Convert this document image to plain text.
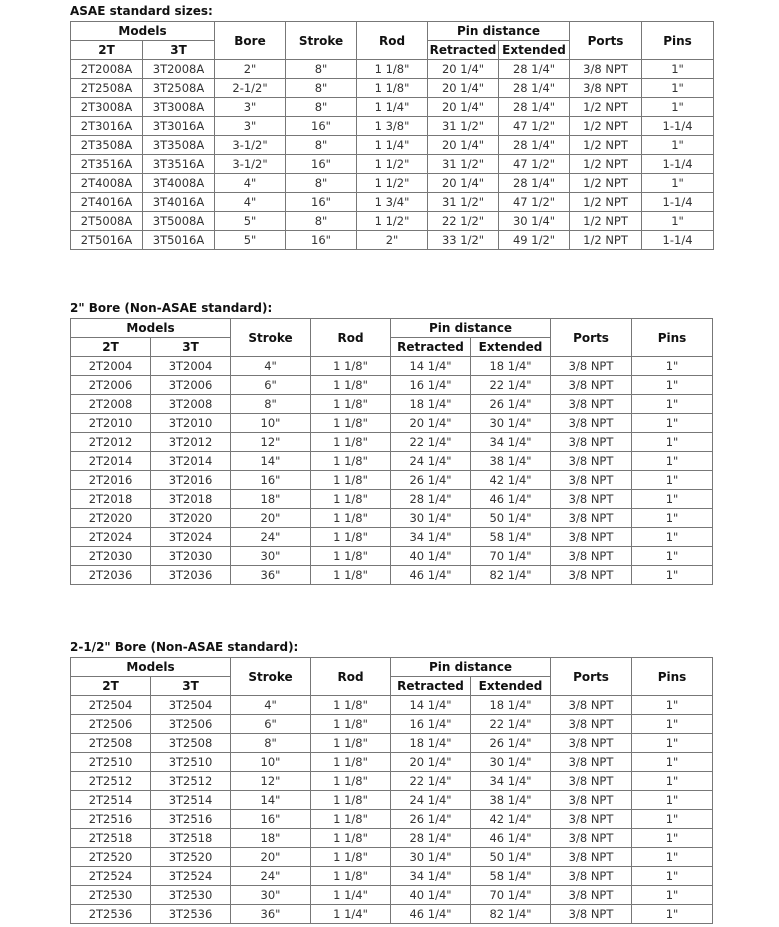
ASAE standard sizes:
Models		Bore	Stroke	Rod	Pin distance		Ports	Pins
2T	3T				Retracted	Extended		
2T2008A	3T2008A	2"	8"	1 1/8"	20 1/4"	28 1/4"	3/8 NPT	1"
2T2508A	3T2508A	2-1/2"	8"	1 1/8"	20 1/4"	28 1/4"	3/8 NPT	1"
2T3008A	3T3008A	3"	8"	1 1/4"	20 1/4"	28 1/4"	1/2 NPT	1"
2T3016A	3T3016A	3"	16"	1 3/8"	31 1/2"	47 1/2"	1/2 NPT	1-1/4
2T3508A	3T3508A	3-1/2"	8"	1 1/4"	20 1/4"	28 1/4"	1/2 NPT	1"
2T3516A	3T3516A	3-1/2"	16"	1 1/2"	31 1/2"	47 1/2"	1/2 NPT	1-1/4
2T4008A	3T4008A	4"	8"	1 1/2"	20 1/4"	28 1/4"	1/2 NPT	1"
2T4016A	3T4016A	4"	16"	1 3/4"	31 1/2"	47 1/2"	1/2 NPT	1-1/4
2T5008A	3T5008A	5"	8"	1 1/2"	22 1/2"	30 1/4"	1/2 NPT	1"
2T5016A	3T5016A	5"	16"	2"	33 1/2"	49 1/2"	1/2 NPT	1-1/4
2" Bore (Non-ASAE standard):
Models		Stroke	Rod	Pin distance		Ports	Pins
2T	3T			Retracted	Extended		
2T2004	3T2004	4"	1 1/8"	14 1/4"	18 1/4"	3/8 NPT	1"
2T2006	3T2006	6"	1 1/8"	16 1/4"	22 1/4"	3/8 NPT	1"
2T2008	3T2008	8"	1 1/8"	18 1/4"	26 1/4"	3/8 NPT	1"
2T2010	3T2010	10"	1 1/8"	20 1/4"	30 1/4"	3/8 NPT	1"
2T2012	3T2012	12"	1 1/8"	22 1/4"	34 1/4"	3/8 NPT	1"
2T2014	3T2014	14"	1 1/8"	24 1/4"	38 1/4"	3/8 NPT	1"
2T2016	3T2016	16"	1 1/8"	26 1/4"	42 1/4"	3/8 NPT	1"
2T2018	3T2018	18"	1 1/8"	28 1/4"	46 1/4"	3/8 NPT	1"
2T2020	3T2020	20"	1 1/8"	30 1/4"	50 1/4"	3/8 NPT	1"
2T2024	3T2024	24"	1 1/8"	34 1/4"	58 1/4"	3/8 NPT	1"
2T2030	3T2030	30"	1 1/8"	40 1/4"	70 1/4"	3/8 NPT	1"
2T2036	3T2036	36"	1 1/8"	46 1/4"	82 1/4"	3/8 NPT	1"
2-1/2" Bore (Non-ASAE standard):
Models		Stroke	Rod	Pin distance		Ports	Pins
2T	3T			Retracted	Extended		
2T2504	3T2504	4"	1 1/8"	14 1/4"	18 1/4"	3/8 NPT	1"
2T2506	3T2506	6"	1 1/8"	16 1/4"	22 1/4"	3/8 NPT	1"
2T2508	3T2508	8"	1 1/8"	18 1/4"	26 1/4"	3/8 NPT	1"
2T2510	3T2510	10"	1 1/8"	20 1/4"	30 1/4"	3/8 NPT	1"
2T2512	3T2512	12"	1 1/8"	22 1/4"	34 1/4"	3/8 NPT	1"
2T2514	3T2514	14"	1 1/8"	24 1/4"	38 1/4"	3/8 NPT	1"
2T2516	3T2516	16"	1 1/8"	26 1/4"	42 1/4"	3/8 NPT	1"
2T2518	3T2518	18"	1 1/8"	28 1/4"	46 1/4"	3/8 NPT	1"
2T2520	3T2520	20"	1 1/8"	30 1/4"	50 1/4"	3/8 NPT	1"
2T2524	3T2524	24"	1 1/8"	34 1/4"	58 1/4"	3/8 NPT	1"
2T2530	3T2530	30"	1 1/4"	40 1/4"	70 1/4"	3/8 NPT	1"
2T2536	3T2536	36"	1 1/4"	46 1/4"	82 1/4"	3/8 NPT	1"
